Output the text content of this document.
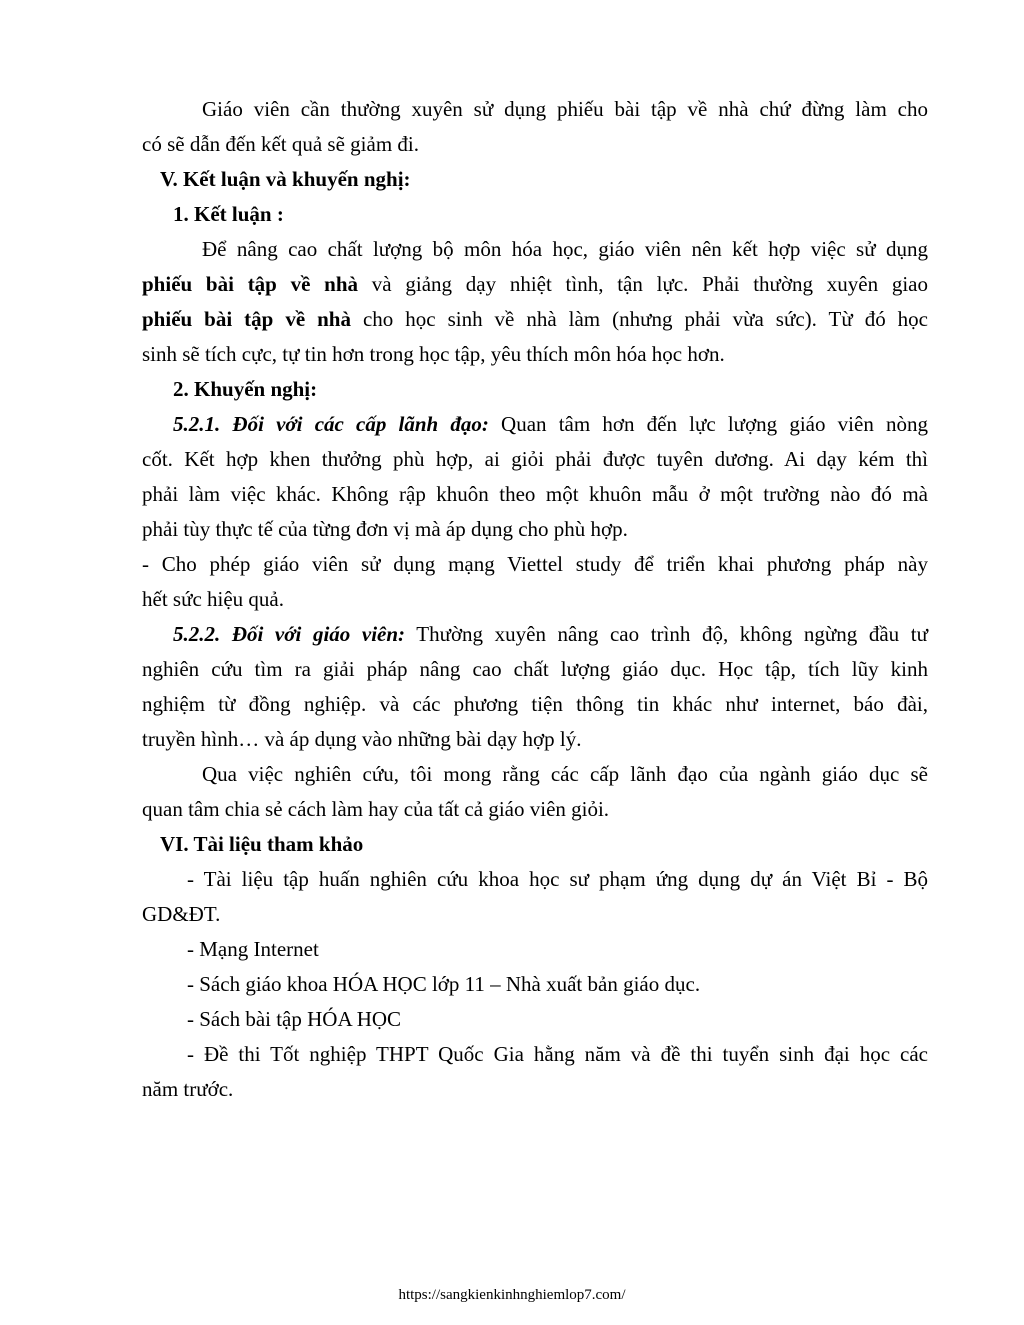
Giáo viên cần thường xuyên sử dụng phiếu bài tập về nhà chứ đừng làm cho
có sẽ dẫn đến kết quả sẽ giảm đi.
V. Kết luận và khuyến nghị:
1. Kết luận :
Để nâng cao chất lượng bộ môn hóa học, giáo viên nên kết hợp việc sử dụng
phiếu bài tập về nhà và giảng dạy nhiệt tình, tận lực. Phải thường xuyên giao
phiếu bài tập về nhà cho học sinh về nhà làm (nhưng phải vừa sức). Từ đó học
sinh sẽ tích cực, tự tin hơn trong học tập, yêu thích môn hóa học hơn.
2. Khuyến nghị:
5.2.1. Đối với các cấp lãnh đạo: Quan tâm hơn đến lực lượng giáo viên nòng
cốt. Kết hợp khen thưởng phù hợp, ai giỏi phải được tuyên dương. Ai dạy kém thì
phải làm việc khác. Không rập khuôn theo một khuôn mẫu ở một trường nào đó mà
phải tùy thực tế của từng đơn vị mà áp dụng cho phù hợp.
- Cho phép giáo viên sử dụng mạng Viettel study để triển khai phương pháp này
hết sức hiệu quả.
5.2.2. Đối với giáo viên: Thường xuyên nâng cao trình độ, không ngừng đầu tư
nghiên cứu tìm ra giải pháp nâng cao chất lượng giáo dục. Học tập, tích lũy kinh
nghiệm từ đồng nghiệp. và các phương tiện thông tin khác như internet, báo đài,
truyền hình… và áp dụng vào những bài dạy hợp lý.
Qua việc nghiên cứu, tôi mong rằng các cấp lãnh đạo của ngành giáo dục sẽ
quan tâm chia sẻ cách làm hay của tất cả giáo viên giỏi.
VI. Tài liệu tham khảo
- Tài liệu tập huấn nghiên cứu khoa học sư phạm ứng dụng dự án Việt Bỉ - Bộ
GD&ĐT.
- Mạng Internet
- Sách giáo khoa HÓA HỌC lớp 11 – Nhà xuất bản giáo dục.
- Sách bài tập HÓA HỌC
- Đề thi Tốt nghiệp THPT Quốc Gia hằng năm và đề thi tuyển sinh đại học các
năm trước.
https://sangkienkinhnghiemlop7.com/
